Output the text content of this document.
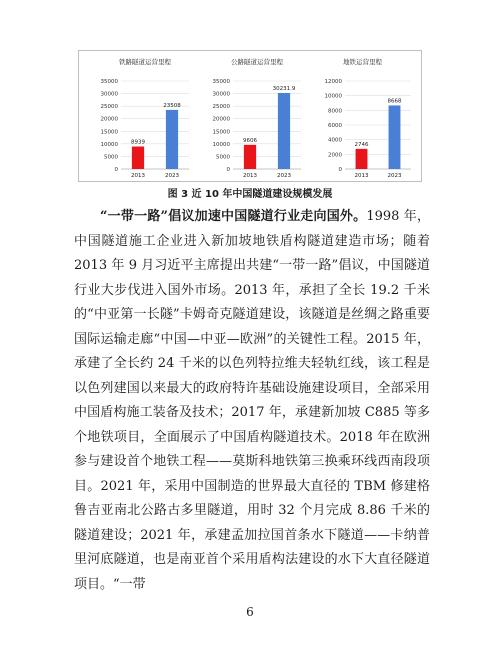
铁路隧道运营里程
0
5000
10000
15000
20000
25000
30000
35000
8939
2013
23508
2023
公路隧道运营里程
0
5000
10000
15000
20000
25000
30000
35000
9606
2013
30231.9
2023
地铁运营里程
0
2000
4000
6000
8000
10000
12000
2746
2013
8668
2023
图 3 近 10 年中国隧道建设规模发展

“一带一路”倡议加速中国隧道行业走向国外。1998 年，中国隧道施工企业进入新加坡地铁盾构隧道建造市场；随着 2013 年 9 月习近平主席提出共建“一带一路”倡议，中国隧道行业大步伐进入国外市场。2013 年，承担了全长 19.2 千米的“中亚第一长隧”卡姆奇克隧道建设，该隧道是丝绸之路重要国际运输走廊“中国—中亚—欧洲”的关键性工程。2015 年，承建了全长约 24 千米的以色列特拉维夫轻轨红线，该工程是以色列建国以来最大的政府特许基础设施建设项目，全部采用中国盾构施工装备及技术；2017 年，承建新加坡 C885 等多个地铁项目，全面展示了中国盾构隧道技术。2018 年在欧洲参与建设首个地铁工程——莫斯科地铁第三换乘环线西南段项目。2021 年，采用中国制造的世界最大直径的 TBM 修建格鲁吉亚南北公路古多里隧道，用时 32 个月完成 8.86 千米的隧道建设；2021 年，承建孟加拉国首条水下隧道——卡纳普里河底隧道，也是南亚首个采用盾构法建设的水下大直径隧道项目。“一带

6
